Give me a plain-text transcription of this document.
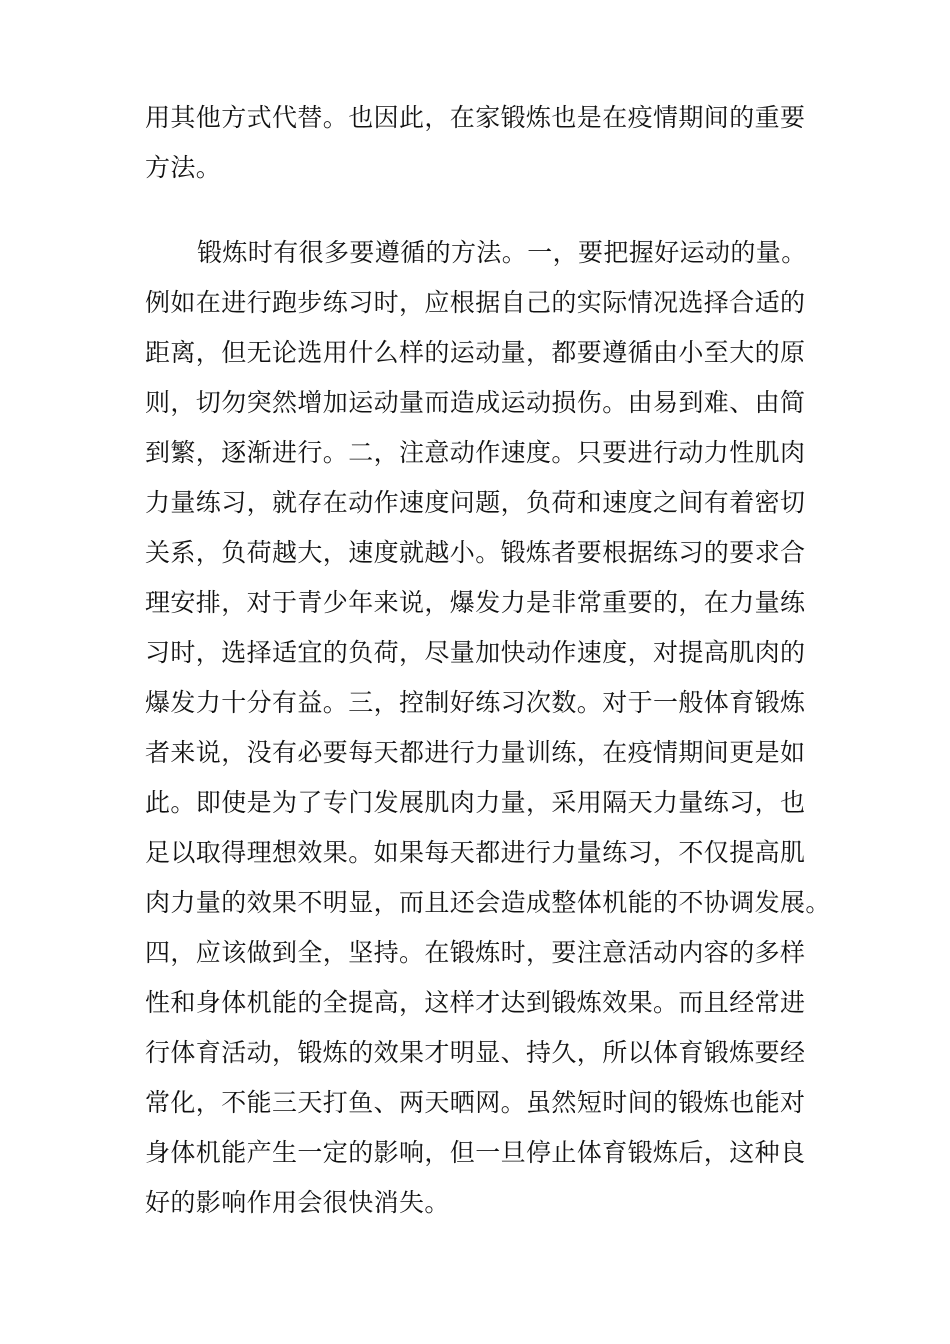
用其他方式代替。也因此，在家锻炼也是在疫情期间的重要
方法。
锻炼时有很多要遵循的方法。一，要把握好运动的量。
例如在进行跑步练习时，应根据自己的实际情况选择合适的
距离，但无论选用什么样的运动量，都要遵循由小至大的原
则，切勿突然增加运动量而造成运动损伤。由易到难、由简
到繁，逐渐进行。二，注意动作速度。只要进行动力性肌肉
力量练习，就存在动作速度问题，负荷和速度之间有着密切
关系，负荷越大，速度就越小。锻炼者要根据练习的要求合
理安排，对于青少年来说，爆发力是非常重要的，在力量练
习时，选择适宜的负荷，尽量加快动作速度，对提高肌肉的
爆发力十分有益。三，控制好练习次数。对于一般体育锻炼
者来说，没有必要每天都进行力量训练，在疫情期间更是如
此。即使是为了专门发展肌肉力量，采用隔天力量练习，也
足以取得理想效果。如果每天都进行力量练习，不仅提高肌
肉力量的效果不明显，而且还会造成整体机能的不协调发展。
四，应该做到全，坚持。在锻炼时，要注意活动内容的多样
性和身体机能的全提高，这样才达到锻炼效果。而且经常进
行体育活动，锻炼的效果才明显、持久，所以体育锻炼要经
常化，不能三天打鱼、两天晒网。虽然短时间的锻炼也能对
身体机能产生一定的影响，但一旦停止体育锻炼后，这种良
好的影响作用会很快消失。
